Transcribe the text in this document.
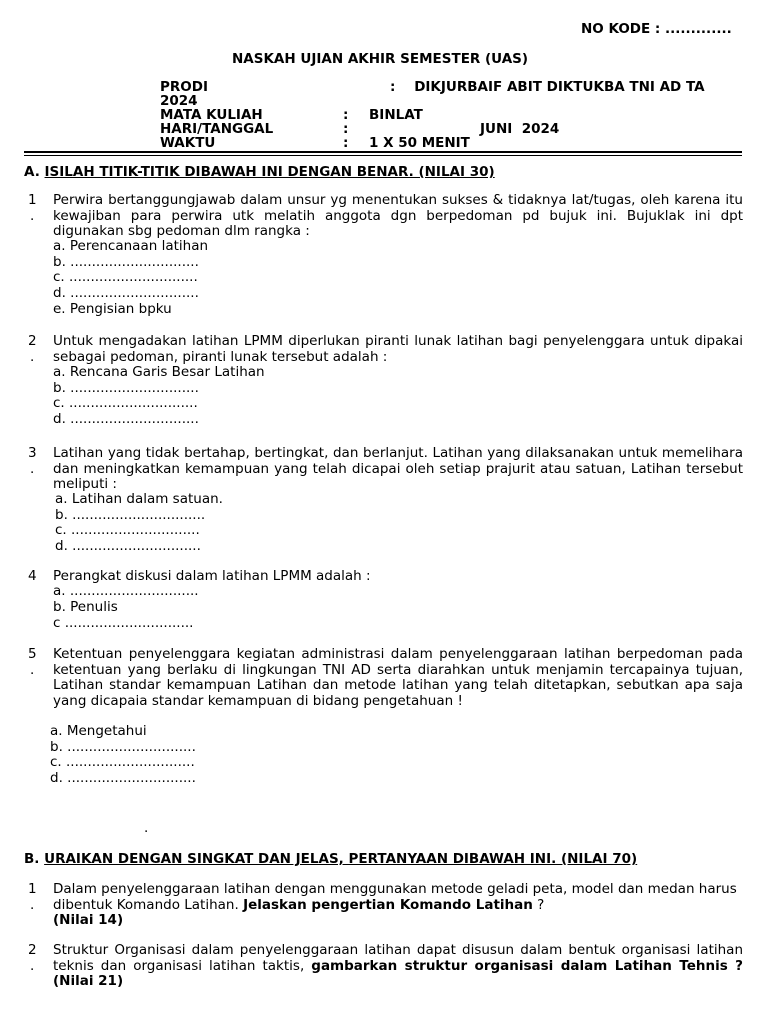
NO KODE : .............
NASKAH UJIAN AKHIR SEMESTER (UAS)
PRODI	:    DIKJURBAIF ABIT DIKTUKBA TNI AD TA
2024
MATA KULIAH	: BINLAT
HARI/TANGGAL	:	JUNI  2024
WAKTU	: 1 X 50 MENIT
A. ISILAH TITIK-TITIK DIBAWAH INI DENGAN BENAR. (NILAI 30)
1
.
Perwira bertanggungjawab dalam unsur yg menentukan sukses & tidaknya lat/tugas, oleh karena itu kewajiban para perwira utk melatih anggota dgn berpedoman pd bujuk ini. Bujuklak ini dpt digunakan sbg pedoman dlm rangka :
a. Perencanaan latihan
b. ..............................
c. ..............................
d. ..............................
e. Pengisian bpku
2
.
Untuk mengadakan latihan LPMM diperlukan piranti lunak latihan bagi penyelenggara untuk dipakai sebagai pedoman, piranti lunak tersebut adalah :
a. Rencana Garis Besar Latihan
b. ..............................
c. ..............................
d. ..............................
3
.
Latihan yang tidak bertahap, bertingkat, dan berlanjut. Latihan yang dilaksanakan untuk memelihara dan meningkatkan kemampuan yang telah dicapai oleh setiap prajurit atau satuan, Latihan tersebut meliputi :
a. Latihan dalam satuan.
b. ...............................
c. ..............................
d. ..............................
4	Perangkat diskusi dalam latihan LPMM adalah :
a. ..............................
b. Penulis
c ..............................
5
.
Ketentuan penyelenggara kegiatan administrasi dalam penyelenggaraan latihan berpedoman pada ketentuan yang berlaku di lingkungan TNI AD serta diarahkan untuk menjamin tercapainya tujuan, Latihan standar kemampuan Latihan dan metode latihan yang telah ditetapkan, sebutkan apa saja yang dicapaia standar kemampuan di bidang pengetahuan !
a. Mengetahui
b. ..............................
c. ..............................
d. ..............................
.
B. URAIKAN DENGAN SINGKAT DAN JELAS, PERTANYAAN DIBAWAH INI. (NILAI 70)
1
.
Dalam penyelenggaraan latihan dengan menggunakan metode geladi peta, model dan medan harus dibentuk Komando Latihan. Jelaskan pengertian Komando Latihan ?
(Nilai 14)
2
.
Struktur Organisasi dalam penyelenggaraan latihan dapat disusun dalam bentuk organisasi latihan teknis dan organisasi latihan taktis, gambarkan struktur organisasi dalam Latihan Tehnis ? (Nilai 21)
